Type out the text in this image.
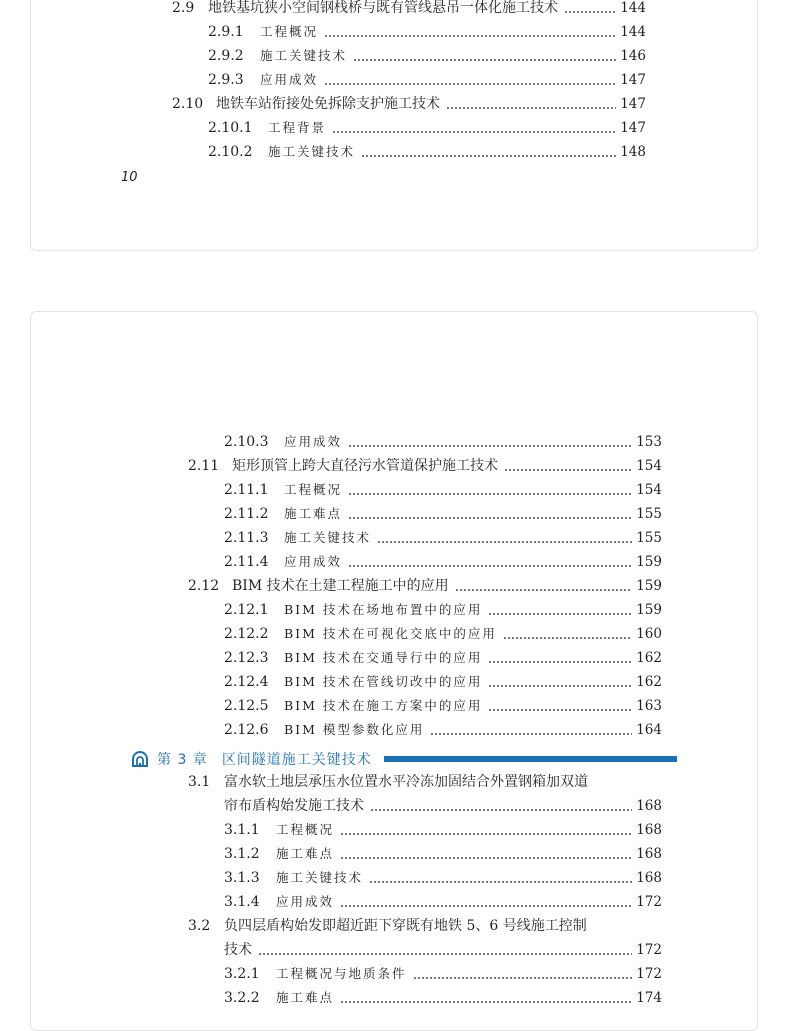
2.9 地铁基坑狭小空间钢栈桥与既有管线悬吊一体化施工技术	144
2.9.1	工程概况	144
2.9.2	施工关键技术	146
2.9.3	应用成效	147
2.10 地铁车站衔接处免拆除支护施工技术	147
2.10.1	工程背景	147
2.10.2	施工关键技术	148
10
2.10.3	应用成效	153
2.11 矩形顶管上跨大直径污水管道保护施工技术	154
2.11.1	工程概况	154
2.11.2	施工难点	155
2.11.3	施工关键技术	155
2.11.4	应用成效	159
2.12 BIM 技术在土建工程施工中的应用	159
2.12.1	BIM 技术在场地布置中的应用	159
2.12.2	BIM 技术在可视化交底中的应用	160
2.12.3	BIM 技术在交通导行中的应用	162
2.12.4	BIM 技术在管线切改中的应用	162
2.12.5	BIM 技术在施工方案中的应用	163
2.12.6	BIM 模型参数化应用	164
第 3 章 区间隧道施工关键技术
3.1 富水软土地层承压水位置水平冷冻加固结合外置钢箱加双道
帘布盾构始发施工技术	168
3.1.1	工程概况	168
3.1.2	施工难点	168
3.1.3	施工关键技术	168
3.1.4	应用成效	172
3.2 负四层盾构始发即超近距下穿既有地铁 5、6 号线施工控制
技术	172
3.2.1	工程概况与地质条件	172
3.2.2	施工难点	174
